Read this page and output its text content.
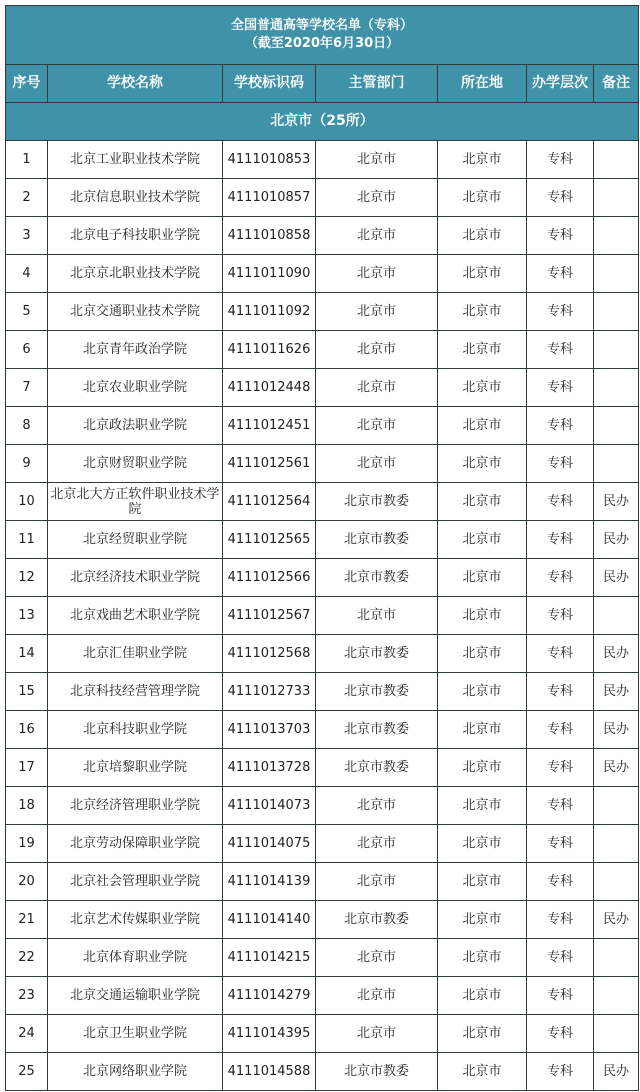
全国普通高等学校名单（专科）
（截至2020年6月30日）						

序号	学校名称	学校标识码	主管部门	所在地	办学层次	备注
北京市（25所）						
1	北京工业职业技术学院	4111010853	北京市	北京市	专科	
2	北京信息职业技术学院	4111010857	北京市	北京市	专科	
3	北京电子科技职业学院	4111010858	北京市	北京市	专科	
4	北京京北职业技术学院	4111011090	北京市	北京市	专科	
5	北京交通职业技术学院	4111011092	北京市	北京市	专科	
6	北京青年政治学院	4111011626	北京市	北京市	专科	
7	北京农业职业学院	4111012448	北京市	北京市	专科	
8	北京政法职业学院	4111012451	北京市	北京市	专科	
9	北京财贸职业学院	4111012561	北京市	北京市	专科	
10	北京北大方正软件职业技术学院	4111012564	北京市教委	北京市	专科	民办
11	北京经贸职业学院	4111012565	北京市教委	北京市	专科	民办
12	北京经济技术职业学院	4111012566	北京市教委	北京市	专科	民办
13	北京戏曲艺术职业学院	4111012567	北京市	北京市	专科	
14	北京汇佳职业学院	4111012568	北京市教委	北京市	专科	民办
15	北京科技经营管理学院	4111012733	北京市教委	北京市	专科	民办
16	北京科技职业学院	4111013703	北京市教委	北京市	专科	民办
17	北京培黎职业学院	4111013728	北京市教委	北京市	专科	民办
18	北京经济管理职业学院	4111014073	北京市	北京市	专科	
19	北京劳动保障职业学院	4111014075	北京市	北京市	专科	
20	北京社会管理职业学院	4111014139	北京市	北京市	专科	
21	北京艺术传媒职业学院	4111014140	北京市教委	北京市	专科	民办
22	北京体育职业学院	4111014215	北京市	北京市	专科	
23	北京交通运输职业学院	4111014279	北京市	北京市	专科	
24	北京卫生职业学院	4111014395	北京市	北京市	专科	
25	北京网络职业学院	4111014588	北京市教委	北京市	专科	民办
